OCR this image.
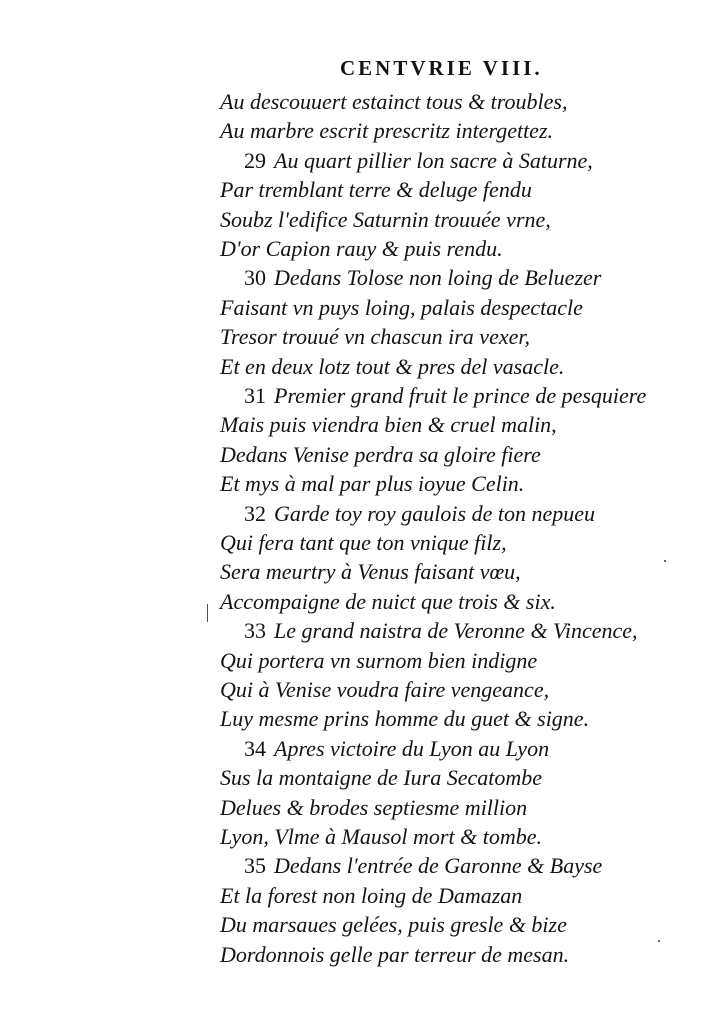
CENTVRIE VIII.
Au descouuert estainct tous & troubles,
Au marbre escrit prescritz intergettez.
29 Au quart pillier lon sacre à Saturne,
Par tremblant terre & deluge fendu
Soubz l'edifice Saturnin trouuée vrne,
D'or Capion rauy & puis rendu.
30 Dedans Tolose non loing de Beluezer
Faisant vn puys loing, palais despectacle
Tresor trouué vn chascun ira vexer,
Et en deux lotz tout & pres del vasacle.
31 Premier grand fruit le prince de pesquiere
Mais puis viendra bien & cruel malin,
Dedans Venise perdra sa gloire fiere
Et mys à mal par plus ioyue Celin.
32 Garde toy roy gaulois de ton nepueu
Qui fera tant que ton vnique filz,
Sera meurtry à Venus faisant vœu,
Accompaigne de nuict que trois & six.
33 Le grand naistra de Veronne & Vincence,
Qui portera vn surnom bien indigne
Qui à Venise voudra faire vengeance,
Luy mesme prins homme du guet & signe.
34 Apres victoire du Lyon au Lyon
Sus la montaigne de Iura Secatombe
Delues & brodes septiesme million
Lyon, Vlme à Mausol mort & tombe.
35 Dedans l'entrée de Garonne & Bayse
Et la forest non loing de Damazan
Du marsaues gelées, puis gresle & bize
Dordonnois gelle par terreur de mesan.
